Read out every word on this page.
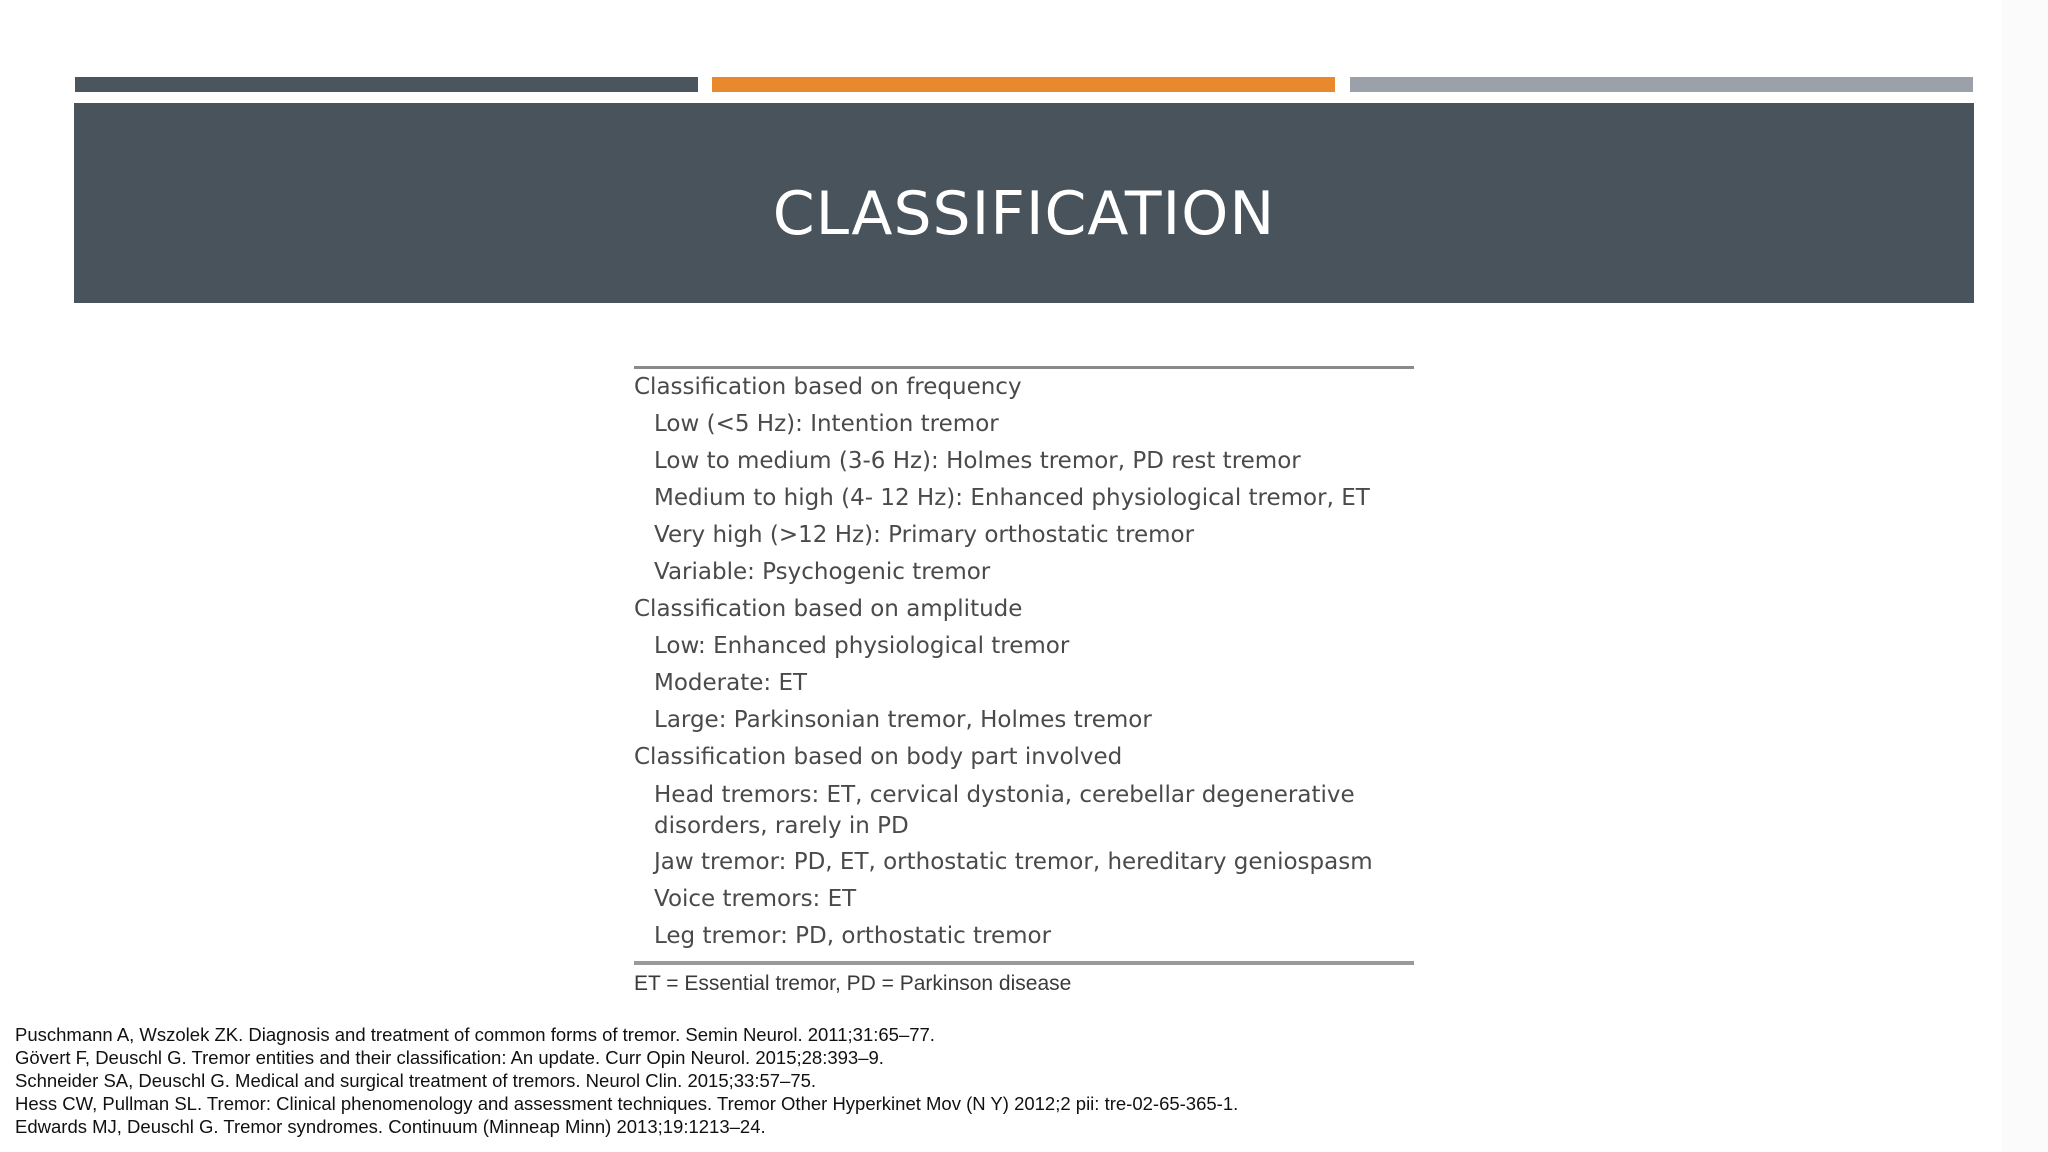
CLASSIFICATION
Classification based on frequency
Low (<5 Hz): Intention tremor
Low to medium (3-6 Hz): Holmes tremor, PD rest tremor
Medium to high (4- 12 Hz): Enhanced physiological tremor, ET
Very high (>12 Hz): Primary orthostatic tremor
Variable: Psychogenic tremor
Classification based on amplitude
Low: Enhanced physiological tremor
Moderate: ET
Large: Parkinsonian tremor, Holmes tremor
Classification based on body part involved
Head tremors: ET, cervical dystonia, cerebellar degenerative disorders, rarely in PD
Jaw tremor: PD, ET, orthostatic tremor, hereditary geniospasm
Voice tremors: ET
Leg tremor: PD, orthostatic tremor
ET = Essential tremor, PD = Parkinson disease
Puschmann A, Wszolek ZK. Diagnosis and treatment of common forms of tremor. Semin Neurol. 2011;31:65–77.
Gövert F, Deuschl G. Tremor entities and their classification: An update. Curr Opin Neurol. 2015;28:393–9.
Schneider SA, Deuschl G. Medical and surgical treatment of tremors. Neurol Clin. 2015;33:57–75.
Hess CW, Pullman SL. Tremor: Clinical phenomenology and assessment techniques. Tremor Other Hyperkinet Mov (N Y) 2012;2 pii: tre-02-65-365-1.
Edwards MJ, Deuschl G. Tremor syndromes. Continuum (Minneap Minn) 2013;19:1213–24.
